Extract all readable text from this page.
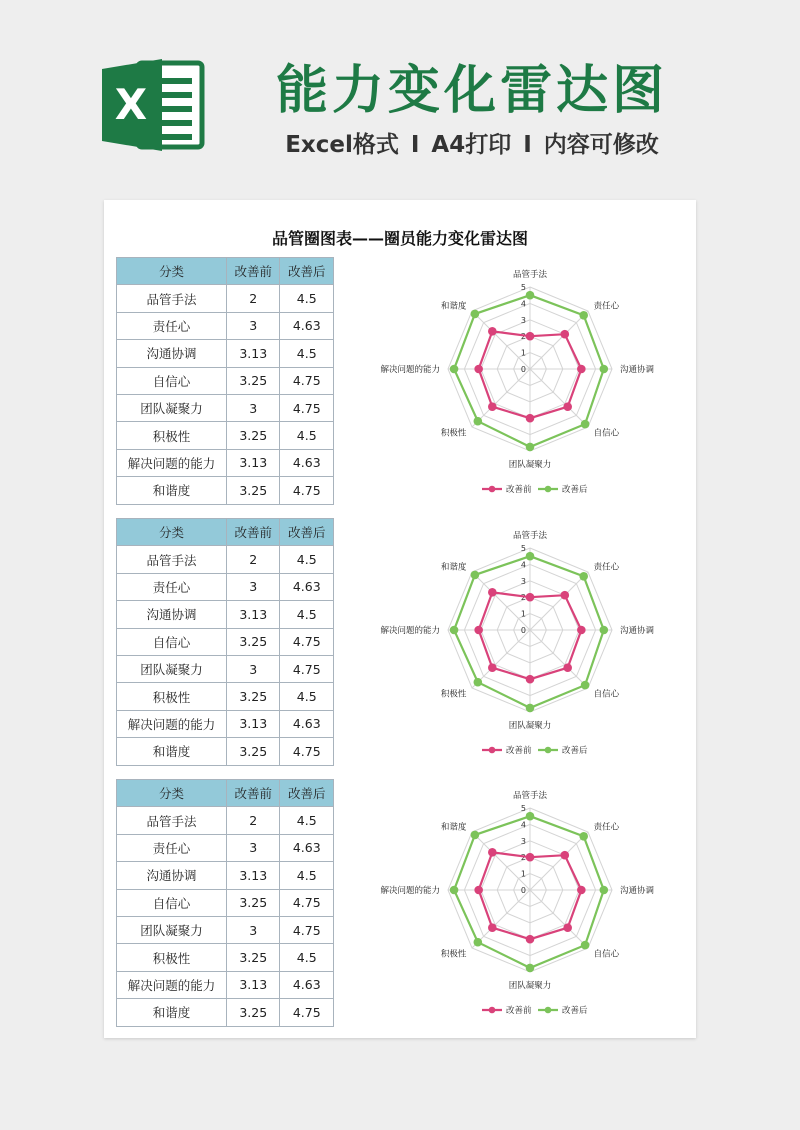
X	能力变化雷达图
Excel格式 I A4打印 I 内容可修改
品管圈图表——圈员能力变化雷达图
分类	改善前	改善后
品管手法	2	4.5
责任心	3	4.63
沟通协调	3.13	4.5
自信心	3.25	4.75
团队凝聚力	3	4.75
积极性	3.25	4.5
解决问题的能力	3.13	4.63
和谐度	3.25	4.75
0
1
2
3
4
5
品管手法
责任心
沟通协调
自信心
团队凝聚力
积极性
解决问题的能力
和谐度
改善前	改善后
分类	改善前	改善后
品管手法	2	4.5
责任心	3	4.63
沟通协调	3.13	4.5
自信心	3.25	4.75
团队凝聚力	3	4.75
积极性	3.25	4.5
解决问题的能力	3.13	4.63
和谐度	3.25	4.75
0
1
2
3
4
5
品管手法
责任心
沟通协调
自信心
团队凝聚力
积极性
解决问题的能力
和谐度
改善前	改善后
分类	改善前	改善后
品管手法	2	4.5
责任心	3	4.63
沟通协调	3.13	4.5
自信心	3.25	4.75
团队凝聚力	3	4.75
积极性	3.25	4.5
解决问题的能力	3.13	4.63
和谐度	3.25	4.75
0
1
2
3
4
5
品管手法
责任心
沟通协调
自信心
团队凝聚力
积极性
解决问题的能力
和谐度
改善前	改善后
